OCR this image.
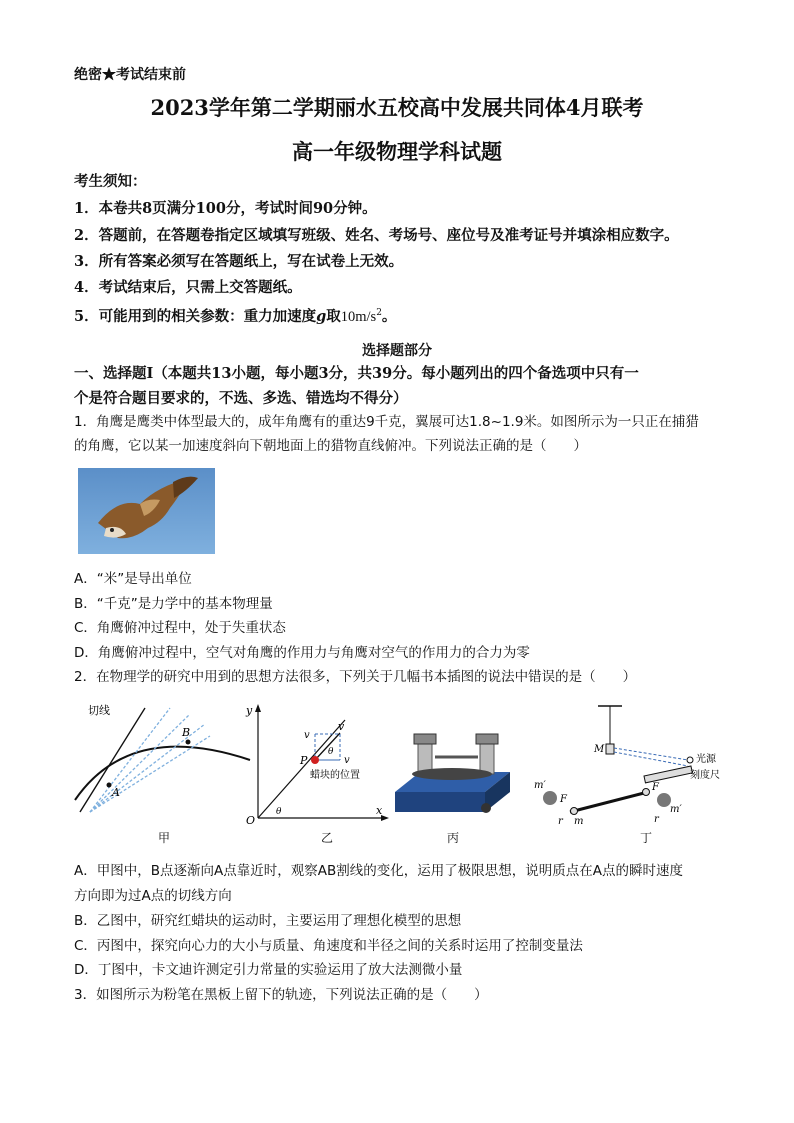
绝密★考试结束前
2023学年第二学期丽水五校高中发展共同体4月联考
高一年级物理学科试题
考生须知：
1．本卷共8页满分100分，考试时间90分钟。
2．答题前，在答题卷指定区域填写班级、姓名、考场号、座位号及准考证号并填涂相应数字。
3．所有答案必须写在答题纸上，写在试卷上无效。
4．考试结束后，只需上交答题纸。
5．可能用到的相关参数：重力加速度g取$10m/s^2$。
选择题部分
一、选择题Ⅰ（本题共13小题，每小题3分，共39分。每小题列出的四个备选项中只有一
个是符合题目要求的，不选、多选、错选均不得分）
1．角鹰是鹰类中体型最大的，成年角鹰有的重达9千克，翼展可达1.8~1.9米。如图所示为一只正在捕猎
的角鹰，它以某一加速度斜向下朝地面上的猎物直线俯冲。下列说法正确的是（　　）
A．“米”是导出单位
B．“千克”是力学中的基本物理量
C．角鹰俯冲过程中，处于失重状态
D．角鹰俯冲过程中，空气对角鹰的作用力与角鹰对空气的作用力的合力为零
2．在物理学的研究中用到的思想方法很多，下列关于几幅书本插图的说法中错误的是（　　）
切线
A
B
甲
y
x
O
P
v
v
v
θ
θ
蜡块的位置
乙	丙
M
光源
刻度尺
m′
m′
F
F
m
r	r
丁
A．甲图中，B点逐渐向A点靠近时，观察AB割线的变化，运用了极限思想，说明质点在A点的瞬时速度
方向即为过A点的切线方向
B．乙图中，研究红蜡块的运动时，主要运用了理想化模型的思想
C．丙图中，探究向心力的大小与质量、角速度和半径之间的关系时运用了控制变量法
D．丁图中，卡文迪许测定引力常量的实验运用了放大法测微小量
3．如图所示为粉笔在黑板上留下的轨迹，下列说法正确的是（　　）
